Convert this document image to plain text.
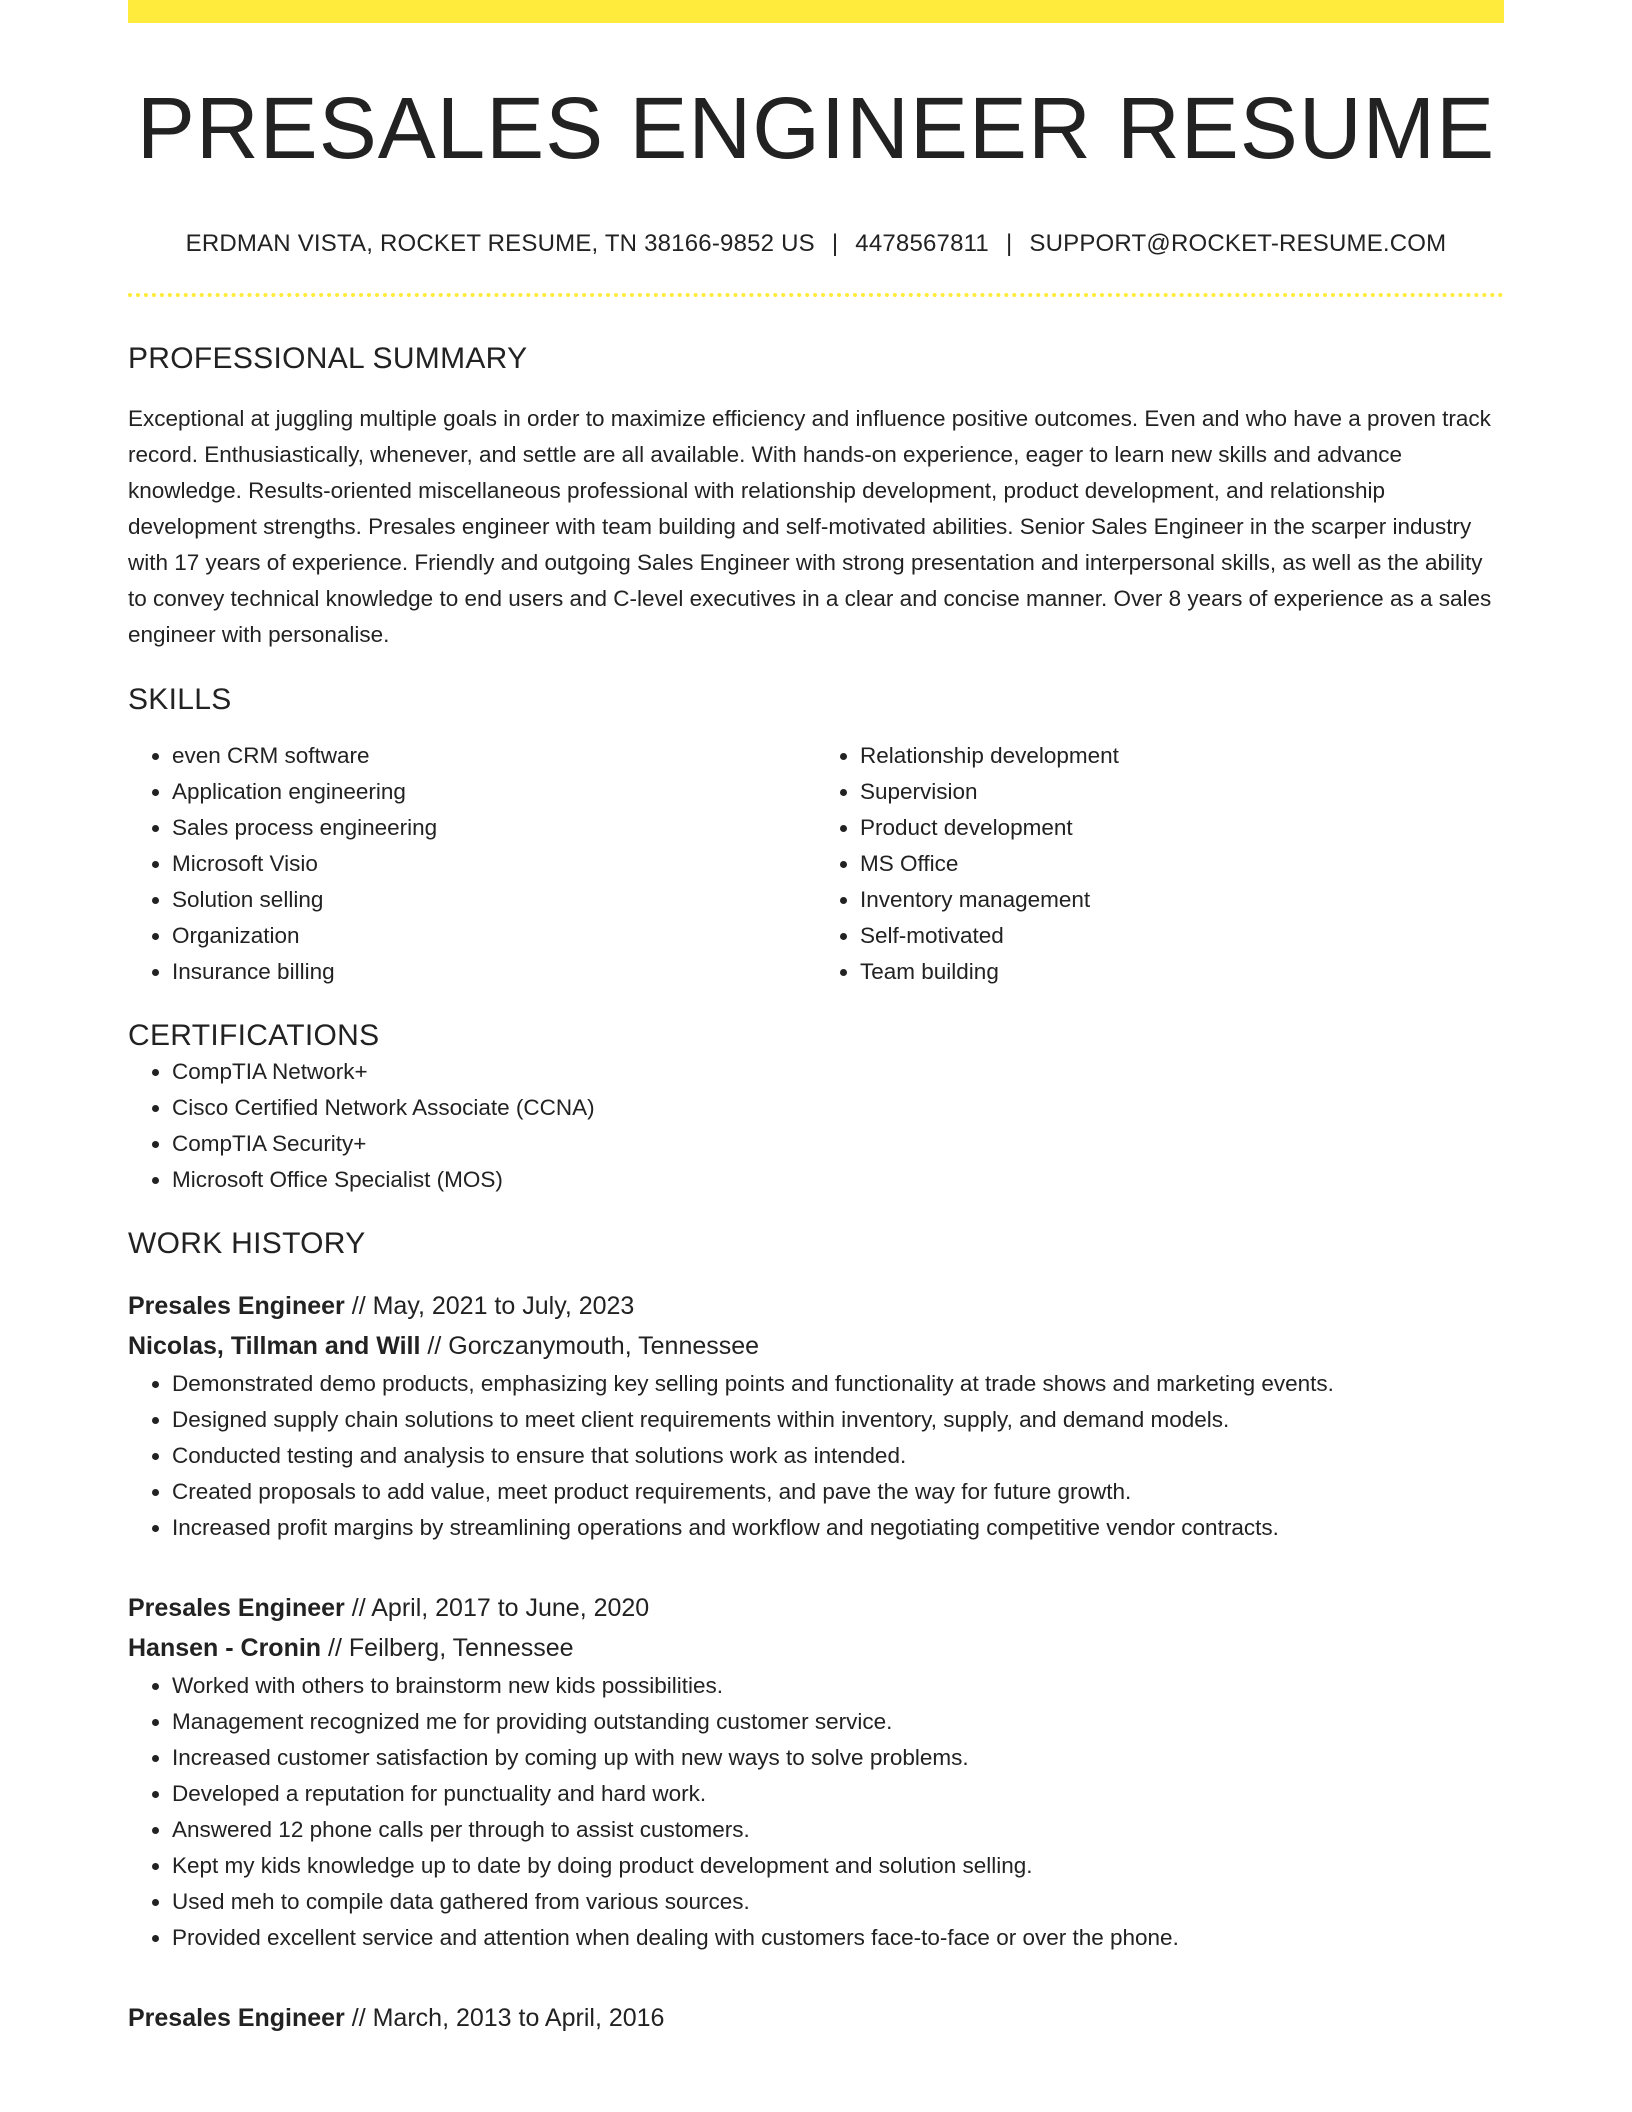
PRESALES ENGINEER RESUME
ERDMAN VISTA, ROCKET RESUME, TN 38166-9852 US | 4478567811 | SUPPORT@ROCKET-RESUME.COM
PROFESSIONAL SUMMARY
Exceptional at juggling multiple goals in order to maximize efficiency and influence positive outcomes. Even and who have a proven track record. Enthusiastically, whenever, and settle are all available. With hands-on experience, eager to learn new skills and advance knowledge. Results-oriented miscellaneous professional with relationship development, product development, and relationship development strengths. Presales engineer with team building and self-motivated abilities. Senior Sales Engineer in the scarper industry with 17 years of experience. Friendly and outgoing Sales Engineer with strong presentation and interpersonal skills, as well as the ability to convey technical knowledge to end users and C-level executives in a clear and concise manner. Over 8 years of experience as a sales engineer with personalise.
SKILLS
• even CRM software
• Application engineering
• Sales process engineering
• Microsoft Visio
• Solution selling
• Organization
• Insurance billing
• Relationship development
• Supervision
• Product development
• MS Office
• Inventory management
• Self-motivated
• Team building
CERTIFICATIONS
• CompTIA Network+
• Cisco Certified Network Associate (CCNA)
• CompTIA Security+
• Microsoft Office Specialist (MOS)
WORK HISTORY
Presales Engineer // May, 2021 to July, 2023
Nicolas, Tillman and Will // Gorczanymouth, Tennessee
• Demonstrated demo products, emphasizing key selling points and functionality at trade shows and marketing events.
• Designed supply chain solutions to meet client requirements within inventory, supply, and demand models.
• Conducted testing and analysis to ensure that solutions work as intended.
• Created proposals to add value, meet product requirements, and pave the way for future growth.
• Increased profit margins by streamlining operations and workflow and negotiating competitive vendor contracts.
Presales Engineer // April, 2017 to June, 2020
Hansen - Cronin // Feilberg, Tennessee
• Worked with others to brainstorm new kids possibilities.
• Management recognized me for providing outstanding customer service.
• Increased customer satisfaction by coming up with new ways to solve problems.
• Developed a reputation for punctuality and hard work.
• Answered 12 phone calls per through to assist customers.
• Kept my kids knowledge up to date by doing product development and solution selling.
• Used meh to compile data gathered from various sources.
• Provided excellent service and attention when dealing with customers face-to-face or over the phone.
Presales Engineer // March, 2013 to April, 2016
